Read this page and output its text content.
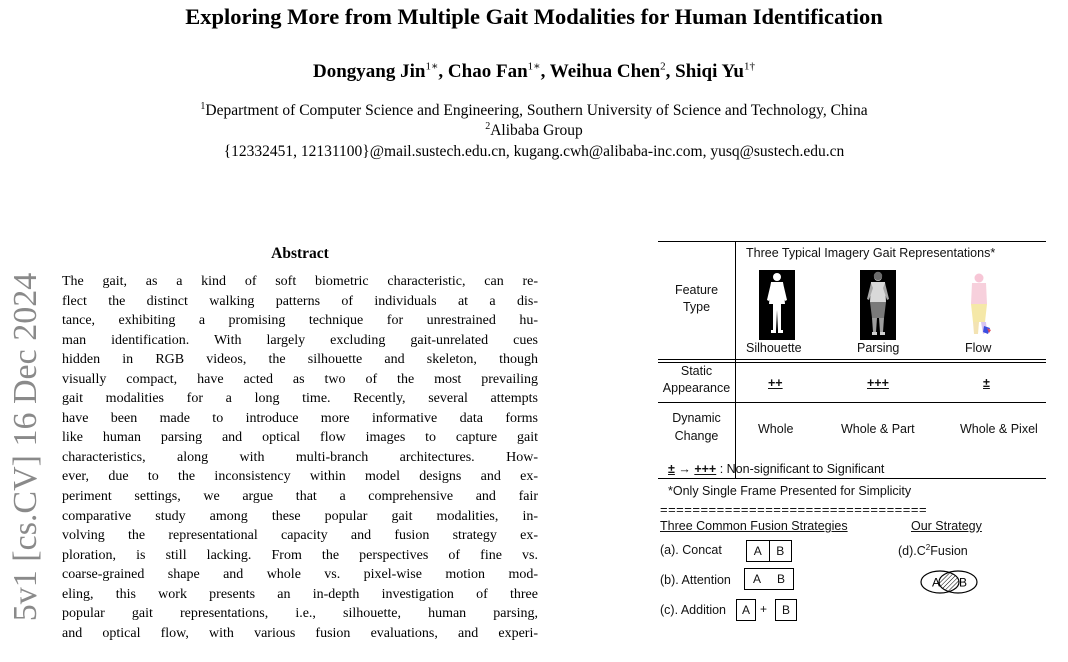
5v1 [cs.CV] 16 Dec 2024
Exploring More from Multiple Gait Modalities for Human Identification
Dongyang Jin$^{1∗}$, Chao Fan$^{1∗}$, Weihua Chen$^2$, Shiqi $Yu^{1\dagger}$
$^1$Department of Computer Science and Engineering, Southern University of Science and Technology, China
$^2$Alibaba Group
{12332451, 12131100}@mail.sustech.edu.cn, kugang.cwh@alibaba-inc.com, yusq@sustech.edu.cn
Abstract
The gait, as a kind of soft biometric characteristic, can re-
flect the distinct walking patterns of individuals at a dis-
tance, exhibiting a promising technique for unrestrained hu-
man identification. With largely excluding gait-unrelated cues
hidden in RGB videos, the silhouette and skeleton, though
visually compact, have acted as two of the most prevailing
gait modalities for a long time. Recently, several attempts
have been made to introduce more informative data forms
like human parsing and optical flow images to capture gait
characteristics, along with multi-branch architectures. How-
ever, due to the inconsistency within model designs and ex-
periment settings, we argue that a comprehensive and fair
comparative study among these popular gait modalities, in-
volving the representational capacity and fusion strategy ex-
ploration, is still lacking. From the perspectives of fine vs.
coarse-grained shape and whole vs. pixel-wise motion mod-
eling, this work presents an in-depth investigation of three
popular gait representations, i.e., silhouette, human parsing,
and optical flow, with various fusion evaluations, and experi-
Three Typical Imagery Gait Representations*
Feature
Type
Silhouette	Parsing	Flow
Static
Appearance	++	+++	±
Dynamic
Change	Whole	Whole & Part	Whole & Pixel
± → +++ : Non-significant to Significant
*Only Single Frame Presented for Simplicity
=================================
Three Common Fusion Strategies	Our Strategy
(a). Concat	A	B
(b). Attention	A	B
(c). Addition	A +	B
$(d).C^2Fusion$
A B
